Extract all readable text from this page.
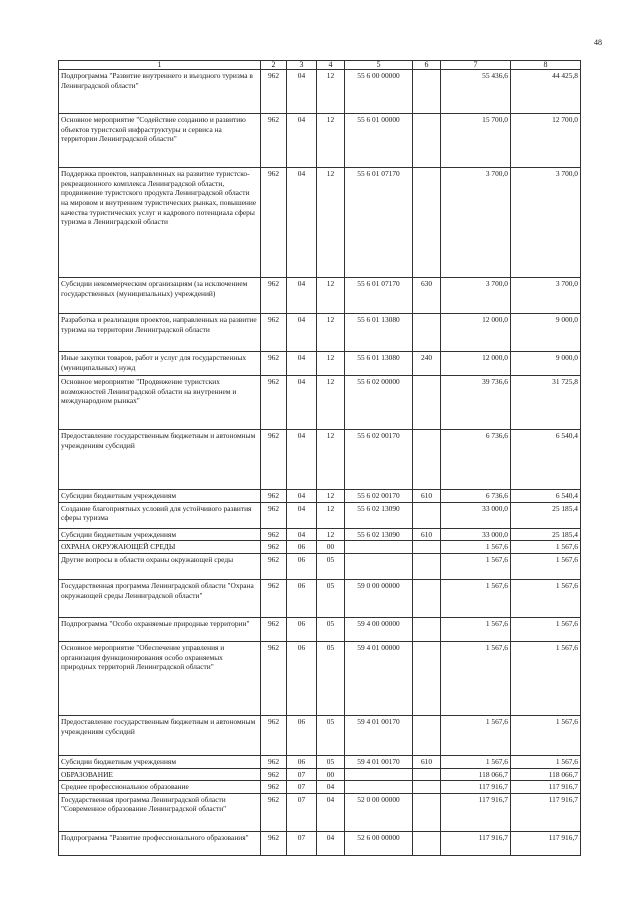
48
1	2	3	4	5	6	7	8
Подпрограмма "Развитие внутреннего и въездного туризма в Ленинградской области"	962	04	12	55 6 00 00000		55 436,6	44 425,8
Основное мероприятие "Содействие созданию и развитию объектов туристской инфраструктуры и сервиса на территории Ленинградской области"	962	04	12	55 6 01 00000		15 700,0	12 700,0
Поддержка проектов, направленных на развитие туристско-рекреационного комплекса Ленинградской области, продвижение туристского продукта Ленинградской области на мировом и внутреннем туристических рынках, повышение качества туристических услуг и кадрового потенциала сферы туризма в Ленинградской области	962	04	12	55 6 01 07170		3 700,0	3 700,0
Субсидии некоммерческим организациям (за исключением государственных (муниципальных) учреждений)	962	04	12	55 6 01 07170	630	3 700,0	3 700,0
Разработка и реализация проектов, направленных на развитие туризма на территории Ленинградской области	962	04	12	55 6 01 13080		12 000,0	9 000,0
Иные закупки товаров, работ и услуг для государственных (муниципальных) нужд	962	04	12	55 6 01 13080	240	12 000,0	9 000,0
Основное мероприятие "Продвижение туристских возможностей Ленинградской области на внутреннем и международном рынках"	962	04	12	55 6 02 00000		39 736,6	31 725,8
Предоставление государственным бюджетным и автономным учреждениям субсидий	962	04	12	55 6 02 00170		6 736,6	6 540,4
Субсидии бюджетным учреждениям	962	04	12	55 6 02 00170	610	6 736,6	6 540,4
Создание благоприятных условий для устойчивого развития сферы туризма	962	04	12	55 6 02 13090		33 000,0	25 185,4
Субсидии бюджетным учреждениям	962	04	12	55 6 02 13090	610	33 000,0	25 185,4
ОХРАНА ОКРУЖАЮЩЕЙ СРЕДЫ	962	06	00			1 567,6	1 567,6
Другие вопросы в области охраны окружающей среды	962	06	05			1 567,6	1 567,6
Государственная программа Ленинградской области "Охрана окружающей среды Ленинградской области"	962	06	05	59 0 00 00000		1 567,6	1 567,6
Подпрограмма "Особо охраняемые природные территории"	962	06	05	59 4 00 00000		1 567,6	1 567,6
Основное мероприятие "Обеспечение управления и организация функционирования особо охраняемых природных территорий Ленинградской области"	962	06	05	59 4 01 00000		1 567,6	1 567,6
Предоставление государственным бюджетным и автономным учреждениям субсидий	962	06	05	59 4 01 00170		1 567,6	1 567,6
Субсидии бюджетным учреждениям	962	06	05	59 4 01 00170	610	1 567,6	1 567,6
ОБРАЗОВАНИЕ	962	07	00			118 066,7	118 066,7
Среднее профессиональное образование	962	07	04			117 916,7	117 916,7
Государственная программа Ленинградской области "Современное образование Ленинградской области"	962	07	04	52 0 00 00000		117 916,7	117 916,7
Подпрограмма "Развитие профессионального образования"	962	07	04	52 6 00 00000		117 916,7	117 916,7
